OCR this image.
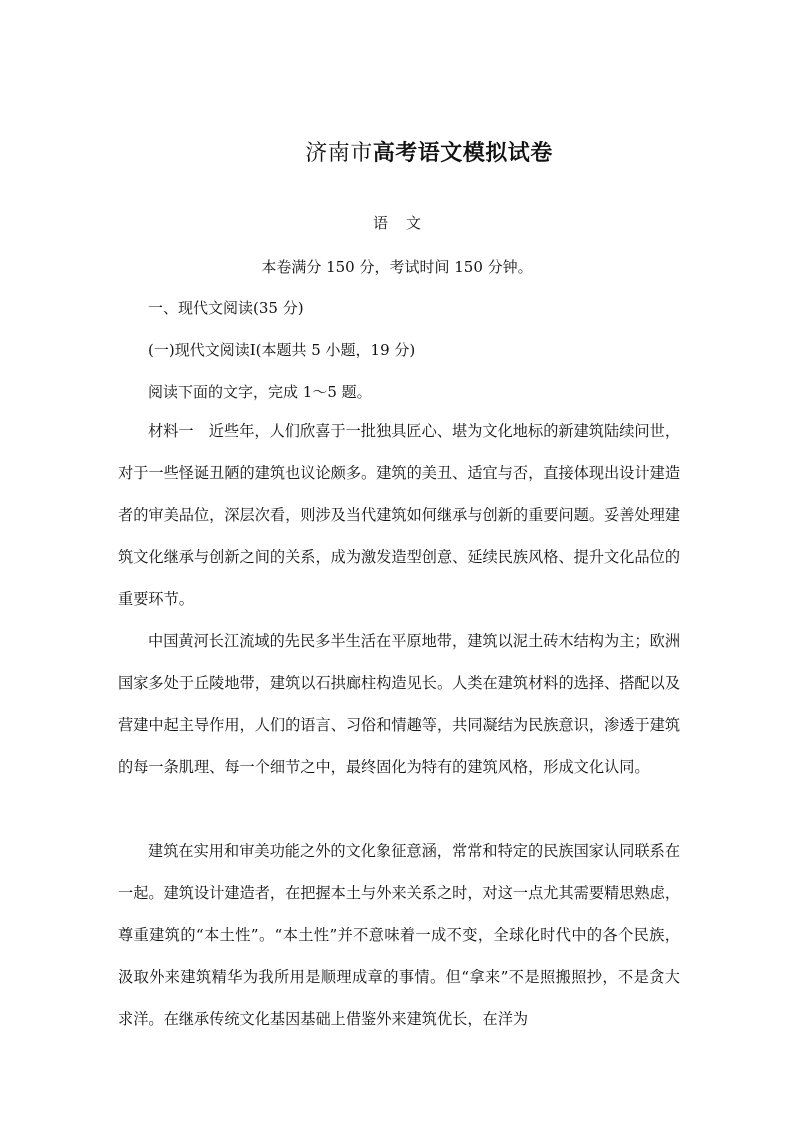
济南市高考语文模拟试卷
语文
本卷满分 150 分，考试时间 150 分钟。
一、现代文阅读(35 分)
(一)现代文阅读Ⅰ(本题共 5 小题，19 分)
阅读下面的文字，完成 1～5 题。

材料一　近些年，人们欣喜于一批独具匠心、堪为文化地标的新建筑陆续问世，对于一些怪诞丑陋的建筑也议论颇多。建筑的美丑、适宜与否，直接体现出设计建造者的审美品位，深层次看，则涉及当代建筑如何继承与创新的重要问题。妥善处理建筑文化继承与创新之间的关系，成为激发造型创意、延续民族风格、提升文化品位的重要环节。

中国黄河长江流域的先民多半生活在平原地带，建筑以泥土砖木结构为主；欧洲国家多处于丘陵地带，建筑以石拱廊柱构造见长。人类在建筑材料的选择、搭配以及营建中起主导作用，人们的语言、习俗和情趣等，共同凝结为民族意识，渗透于建筑的每一条肌理、每一个细节之中，最终固化为特有的建筑风格，形成文化认同。

建筑在实用和审美功能之外的文化象征意涵，常常和特定的民族国家认同联系在一起。建筑设计建造者，在把握本土与外来关系之时，对这一点尤其需要精思熟虑，尊重建筑的“本土性”。“本土性”并不意味着一成不变，全球化时代中的各个民族，汲取外来建筑精华为我所用是顺理成章的事情。但“拿来”不是照搬照抄，不是贪大求洋。在继承传统文化基因基础上借鉴外来建筑优长，在洋为
